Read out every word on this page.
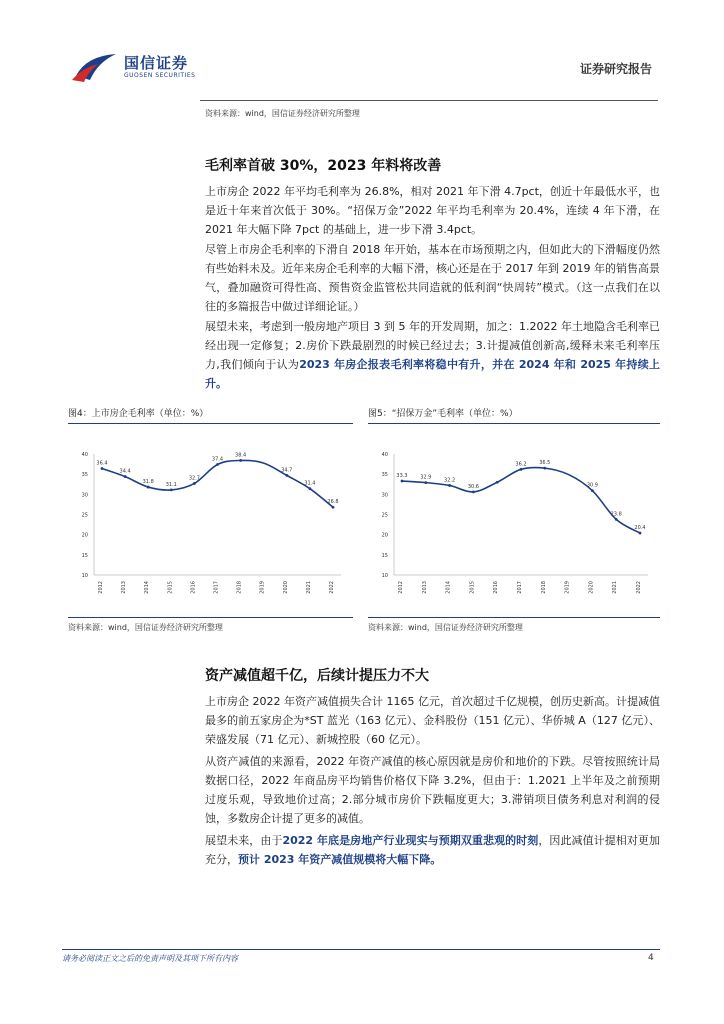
国信证券
GUOSEN SECURITIES	证券研究报告
资料来源：wind，国信证券经济研究所整理
毛利率首破 30%，2023 年料将改善
上市房企 2022 年平均毛利率为 26.8%，相对 2021 年下滑 4.7pct，创近十年最低水平，也是近十年来首次低于 30%。“招保万金”2022 年平均毛利率为 20.4%，连续 4 年下滑，在 2021 年大幅下降 7pct 的基础上，进一步下滑 3.4pct。
尽管上市房企毛利率的下滑自 2018 年开始，基本在市场预期之内，但如此大的下滑幅度仍然有些始料未及。近年来房企毛利率的大幅下滑，核心还是在于 2017 年到 2019 年的销售高景气，叠加融资可得性高、预售资金监管松共同造就的低利润“快周转”模式。（这一点我们在以往的多篇报告中做过详细论证。）
展望未来，考虑到一般房地产项目 3 到 5 年的开发周期，加之：1.2022 年土地隐含毛利率已经出现一定修复；2.房价下跌最剧烈的时候已经过去；3.计提减值创新高,缓释未来毛利率压力,我们倾向于认为2023 年房企报表毛利率将稳中有升，并在 2024 年和 2025 年持续上升。
图4：上市房企毛利率（单位：%）	图5：“招保万金”毛利率（单位：%）
10
15
20
25
30
35
40
2012	2013	2014	2015	2016	2017	2018	2019	2020	2021	2022
36.4
34.4
31.8 31.1
32.7
37.4
38.4
34.7
31.4
26.8
10
15
20
25
30
35
40
2012	2013	2014	2015	2016	2017	2018	2019	2020	2021	2022
33.3	32.9	32.2
30.6
36.2	36.5
30.9
23.8
20.4
资料来源：wind，国信证券经济研究所整理	资料来源：wind，国信证券经济研究所整理
资产减值超千亿，后续计提压力不大
上市房企 2022 年资产减值损失合计 1165 亿元，首次超过千亿规模，创历史新高。计提减值最多的前五家房企为*ST 蓝光（163 亿元）、金科股份（151 亿元）、华侨城 A（127 亿元）、荣盛发展（71 亿元）、新城控股（60 亿元）。
从资产减值的来源看，2022 年资产减值的核心原因就是房价和地价的下跌。尽管按照统计局数据口径，2022 年商品房平均销售价格仅下降 3.2%，但由于：1.2021 上半年及之前预期过度乐观，导致地价过高；2.部分城市房价下跌幅度更大；3.滞销项目债务利息对利润的侵蚀，多数房企计提了更多的减值。
展望未来，由于2022 年底是房地产行业现实与预期双重悲观的时刻，因此减值计提相对更加充分，预计 2023 年资产减值规模将大幅下降。
请务必阅读正文之后的免责声明及其项下所有内容	4
